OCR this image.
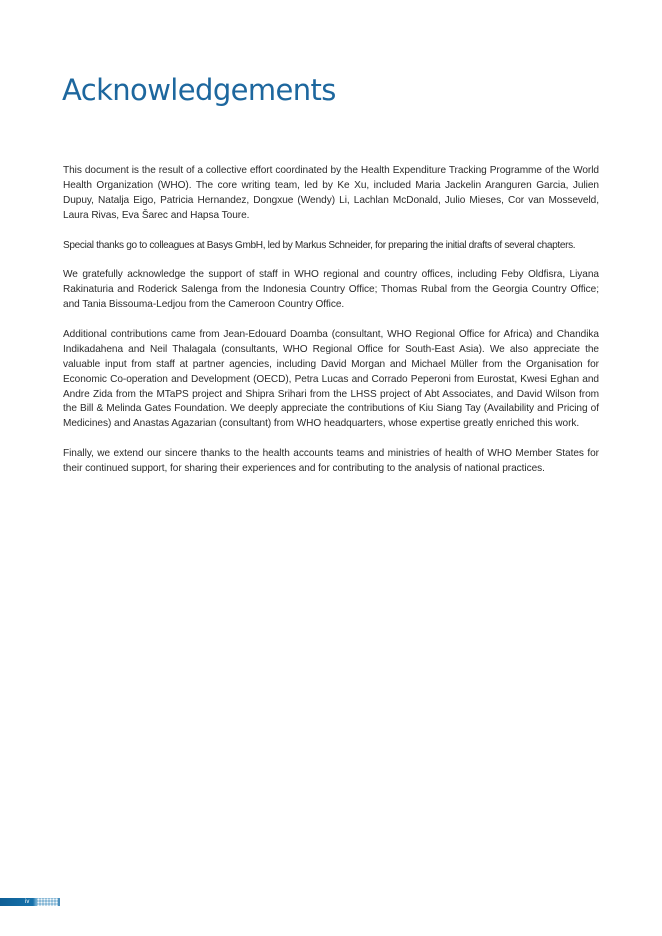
Acknowledgements

This document is the result of a collective effort coordinated by the Health Expenditure Tracking Programme of the World Health Organization (WHO). The core writing team, led by Ke Xu, included Maria Jackelin Aranguren Garcia, Julien Dupuy, Natalja Eigo, Patricia Hernandez, Dongxue (Wendy) Li, Lachlan McDonald, Julio Mieses, Cor van Mosseveld, Laura Rivas, Eva Šarec and Hapsa Toure.

Special thanks go to colleagues at Basys GmbH, led by Markus Schneider, for preparing the initial drafts of several chapters.

We gratefully acknowledge the support of staff in WHO regional and country offices, including Feby Oldfisra, Liyana Rakinaturia and Roderick Salenga from the Indonesia Country Office; Thomas Rubal from the Georgia Country Office; and Tania Bissouma-Ledjou from the Cameroon Country Office.

Additional contributions came from Jean-Edouard Doamba (consultant, WHO Regional Office for Africa) and Chandika Indikadahena and Neil Thalagala (consultants, WHO Regional Office for South-East Asia). We also appreciate the valuable input from staff at partner agencies, including David Morgan and Michael Müller from the Organisation for Economic Co-operation and Development (OECD), Petra Lucas and Corrado Peperoni from Eurostat, Kwesi Eghan and Andre Zida from the MTaPS project and Shipra Srihari from the LHSS project of Abt Associates, and David Wilson from the Bill & Melinda Gates Foundation. We deeply appreciate the contributions of Kiu Siang Tay (Availability and Pricing of Medicines) and Anastas Agazarian (consultant) from WHO headquarters, whose expertise greatly enriched this work.

Finally, we extend our sincere thanks to the health accounts teams and ministries of health of WHO Member States for their continued support, for sharing their experiences and for contributing to the analysis of national practices.

iv
